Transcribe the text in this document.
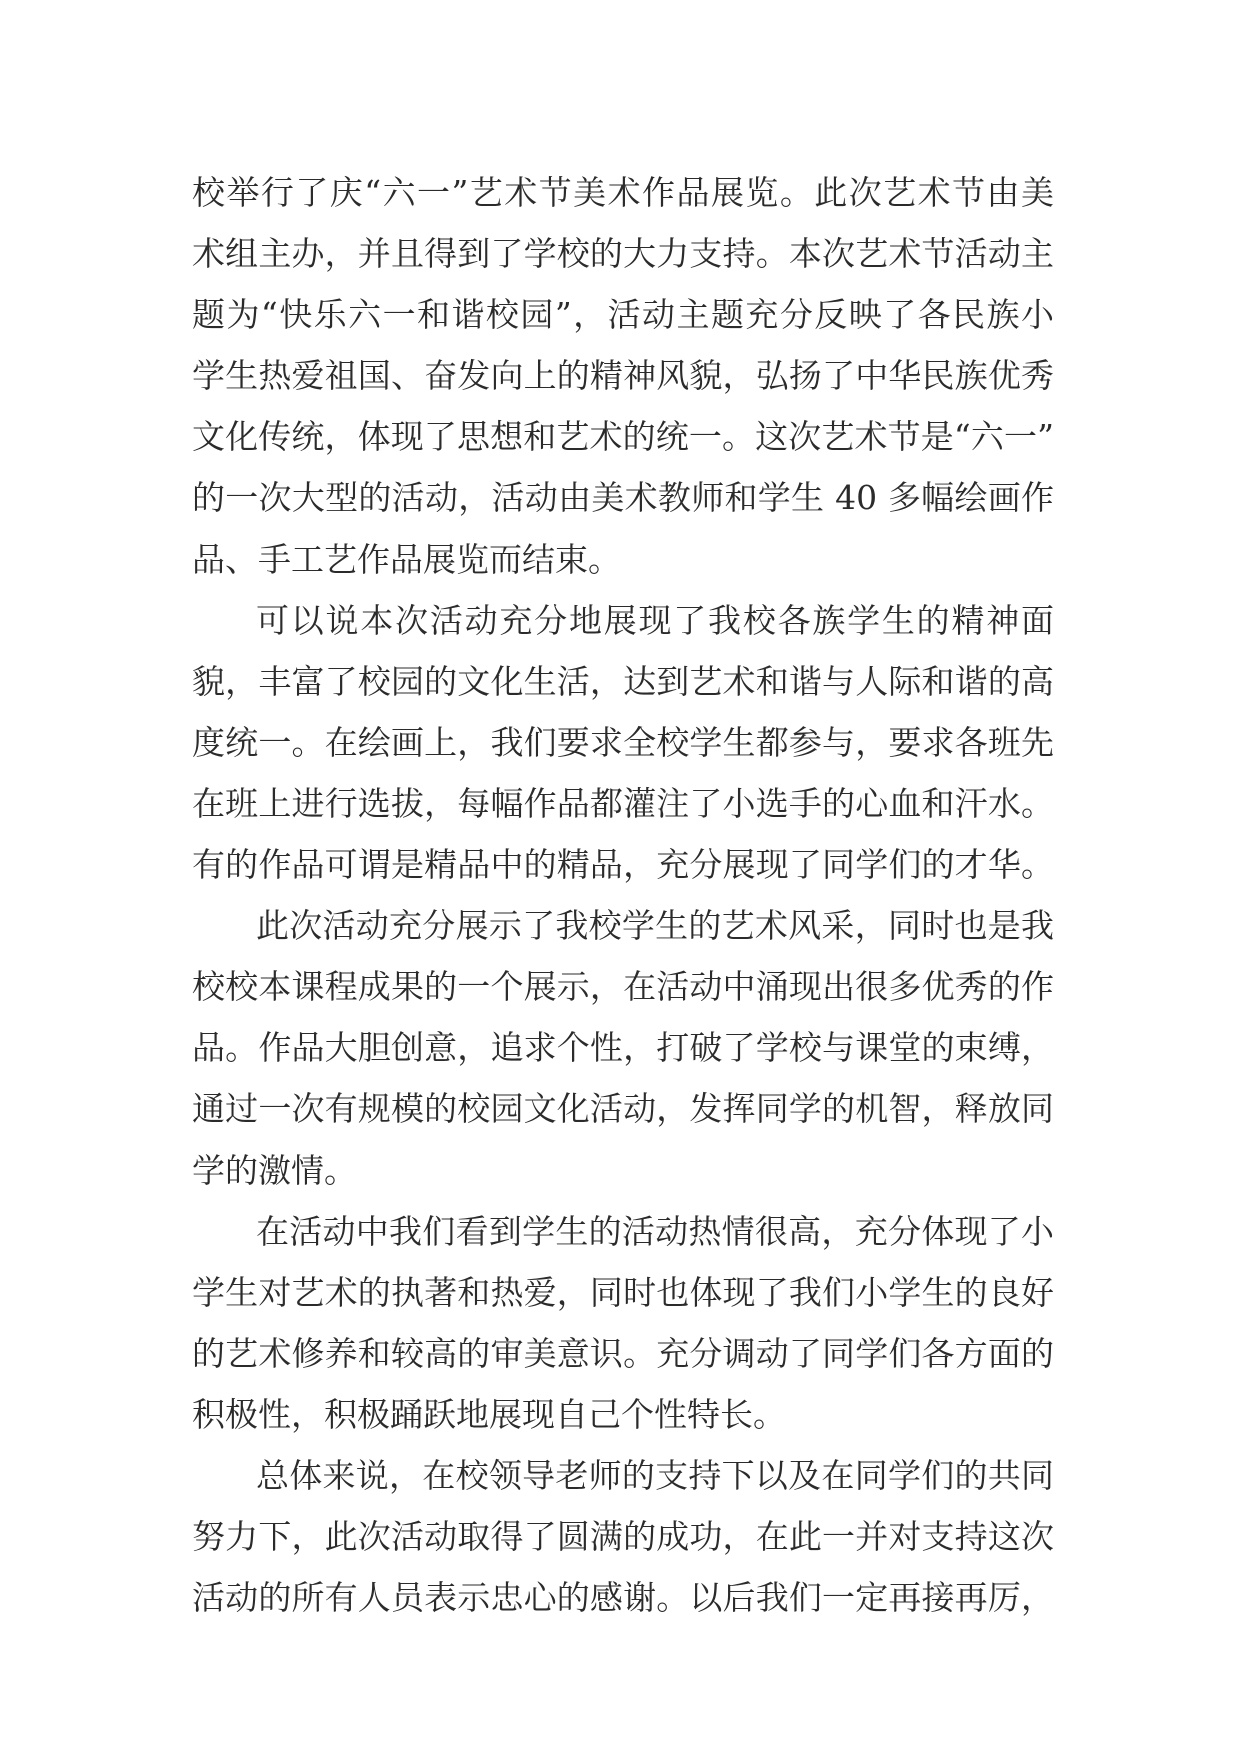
校举行了庆“六一”艺术节美术作品展览。此次艺术节由美
术组主办，并且得到了学校的大力支持。本次艺术节活动主
题为“快乐六一和谐校园”，活动主题充分反映了各民族小
学生热爱祖国、奋发向上的精神风貌，弘扬了中华民族优秀
文化传统，体现了思想和艺术的统一。这次艺术节是“六一”
的一次大型的活动，活动由美术教师和学生 40 多幅绘画作
品、手工艺作品展览而结束。
可以说本次活动充分地展现了我校各族学生的精神面
貌，丰富了校园的文化生活，达到艺术和谐与人际和谐的高
度统一。在绘画上，我们要求全校学生都参与，要求各班先
在班上进行选拔，每幅作品都灌注了小选手的心血和汗水。
有的作品可谓是精品中的精品，充分展现了同学们的才华。
此次活动充分展示了我校学生的艺术风采，同时也是我
校校本课程成果的一个展示，在活动中涌现出很多优秀的作
品。作品大胆创意，追求个性，打破了学校与课堂的束缚，
通过一次有规模的校园文化活动，发挥同学的机智，释放同
学的激情。
在活动中我们看到学生的活动热情很高，充分体现了小
学生对艺术的执著和热爱，同时也体现了我们小学生的良好
的艺术修养和较高的审美意识。充分调动了同学们各方面的
积极性，积极踊跃地展现自己个性特长。
总体来说，在校领导老师的支持下以及在同学们的共同
努力下，此次活动取得了圆满的成功，在此一并对支持这次
活动的所有人员表示忠心的感谢。以后我们一定再接再厉，
